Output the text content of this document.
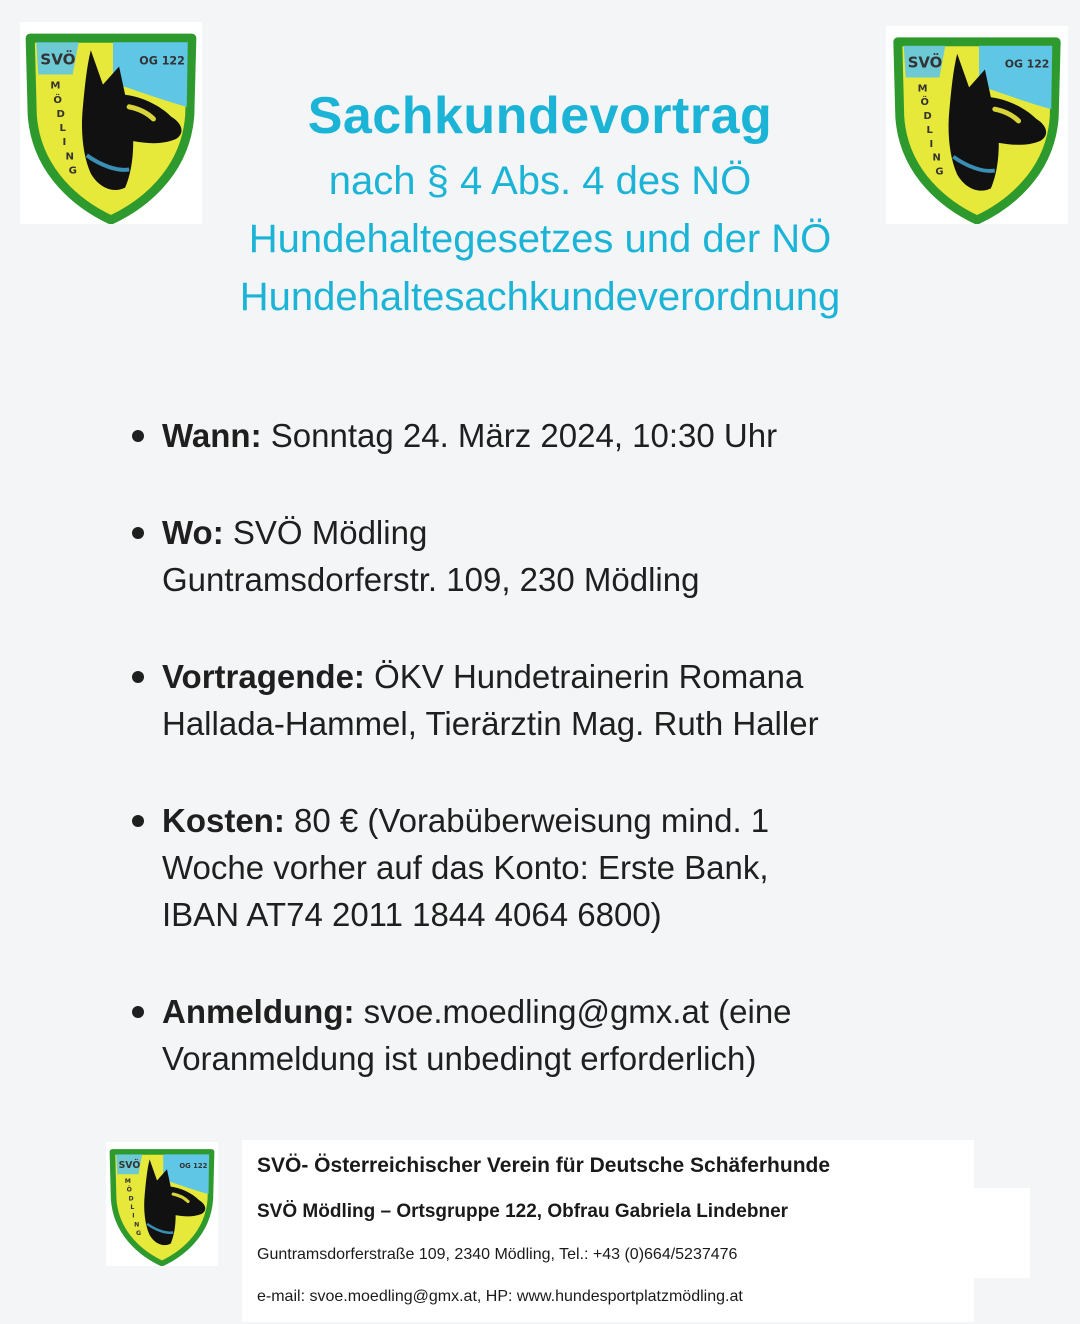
SVÖ	OG 122
M
Ö
D
L
I
N
G
SVÖ	OG 122
M
Ö
D
L
I
N
G
SVÖ	OG 122
M
Ö
D
L
I
N
G
Sachkundevortrag

nach § 4 Abs. 4 des NÖ
Hundehaltegesetzes und der NÖ
Hundehaltesachkundeverordnung

Wann: Sonntag 24. März 2024, 10:30 Uhr
Wo: SVÖ Mödling
Guntramsdorferstr. 109, 230 Mödling
Vortragende: ÖKV Hundetrainerin Romana
Hallada-Hammel, Tierärztin Mag. Ruth Haller
Kosten: 80 € (Vorabüberweisung mind. 1
Woche vorher auf das Konto: Erste Bank,
IBAN AT74 2011 1844 4064 6800)
Anmeldung: svoe.moedling@gmx.at (eine
Voranmeldung ist unbedingt erforderlich)

SVÖ- Österreichischer Verein für Deutsche Schäferhunde

SVÖ Mödling – Ortsgruppe 122, Obfrau Gabriela Lindebner

Guntramsdorferstraße 109, 2340 Mödling, Tel.: +43 (0)664/5237476

e-mail: svoe.moedling@gmx.at, HP: www.hundesportplatzmödling.at
